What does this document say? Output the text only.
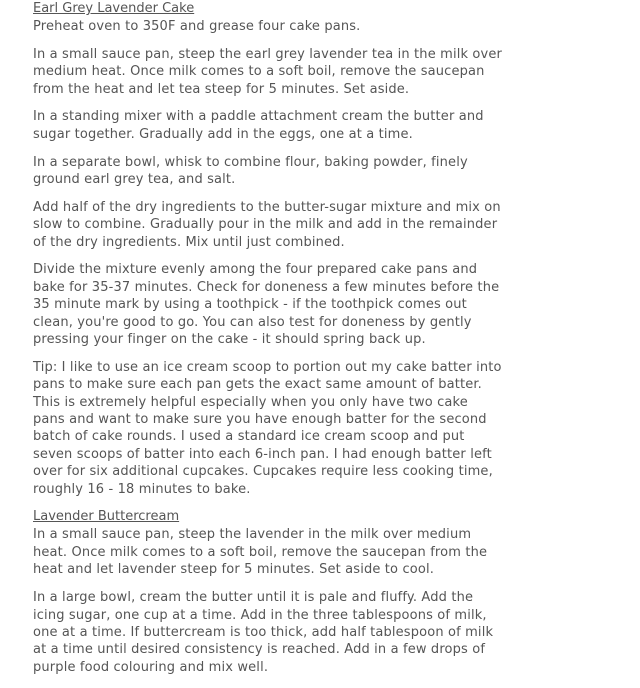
Earl Grey Lavender Cake

Preheat oven to 350F and grease four cake pans.

In a small sauce pan, steep the earl grey lavender tea in the milk over medium heat. Once milk comes to a soft boil, remove the saucepan from the heat and let tea steep for 5 minutes. Set aside.

In a standing mixer with a paddle attachment cream the butter and sugar together. Gradually add in the eggs, one at a time.

In a separate bowl, whisk to combine flour, baking powder, finely ground earl grey tea, and salt.

Add half of the dry ingredients to the butter-sugar mixture and mix on slow to combine. Gradually pour in the milk and add in the remainder of the dry ingredients. Mix until just combined.

Divide the mixture evenly among the four prepared cake pans and bake for 35-37 minutes. Check for doneness a few minutes before the 35 minute mark by using a toothpick - if the toothpick comes out clean, you're good to go. You can also test for doneness by gently pressing your finger on the cake - it should spring back up.

Tip: I like to use an ice cream scoop to portion out my cake batter into pans to make sure each pan gets the exact same amount of batter. This is extremely helpful especially when you only have two cake pans and want to make sure you have enough batter for the second batch of cake rounds. I used a standard ice cream scoop and put seven scoops of batter into each 6-inch pan. I had enough batter left over for six additional cupcakes. Cupcakes require less cooking time, roughly 16 - 18 minutes to bake.

Lavender Buttercream

In a small sauce pan, steep the lavender in the milk over medium heat. Once milk comes to a soft boil, remove the saucepan from the heat and let lavender steep for 5 minutes. Set aside to cool.

In a large bowl, cream the butter until it is pale and fluffy. Add the icing sugar, one cup at a time. Add in the three tablespoons of milk, one at a time. If buttercream is too thick, add half tablespoon of milk at a time until desired consistency is reached. Add in a few drops of purple food colouring and mix well.
